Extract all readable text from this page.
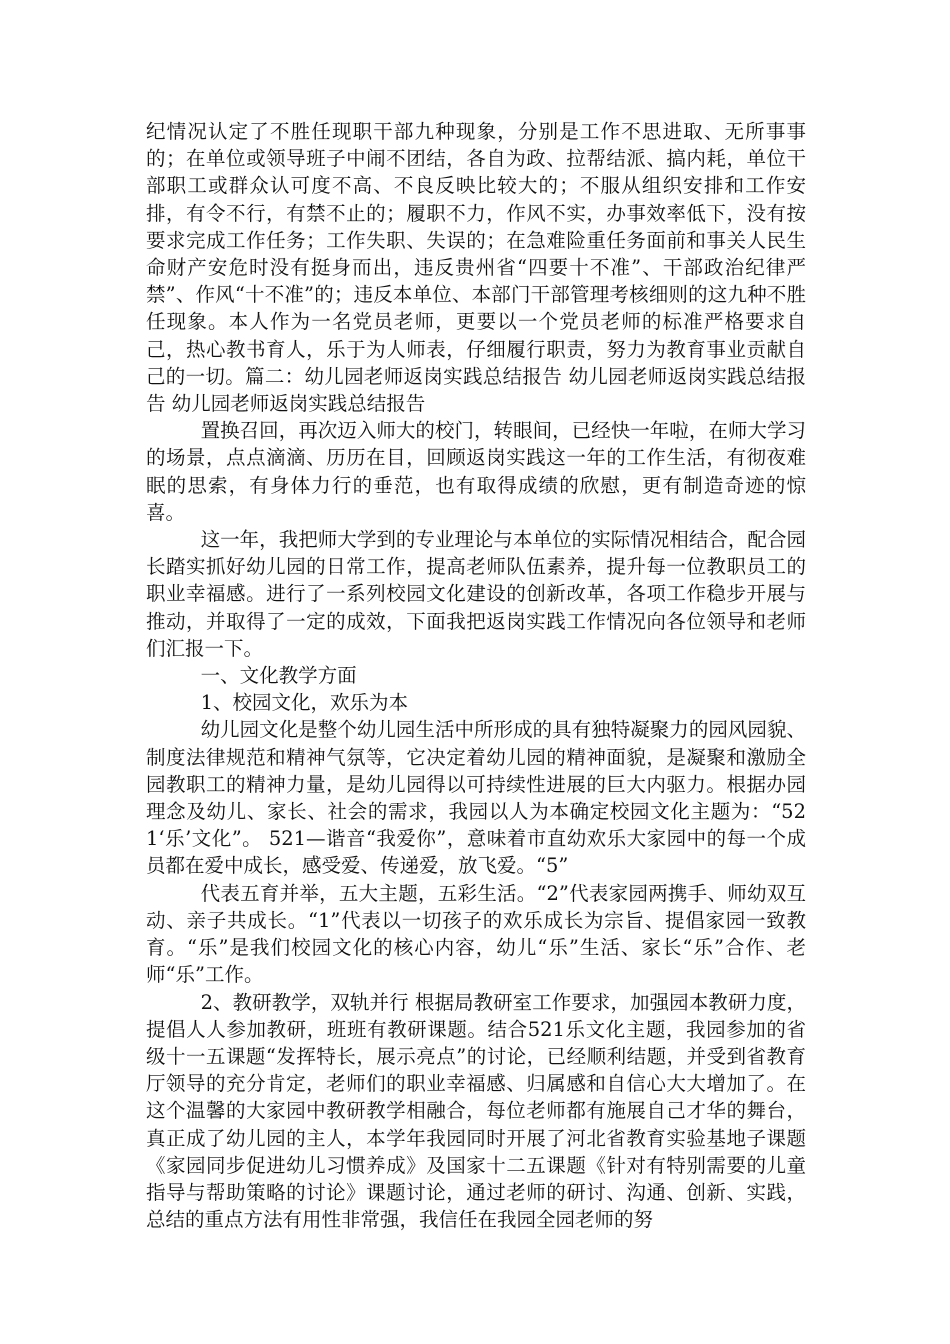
纪情况认定了不胜任现职干部九种现象，分别是工作不思进取、无所事事的；在单位或领导班子中闹不团结，各自为政、拉帮结派、搞内耗，单位干部职工或群众认可度不高、不良反映比较大的；不服从组织安排和工作安排，有令不行，有禁不止的；履职不力，作风不实，办事效率低下，没有按要求完成工作任务；工作失职、失误的；在急难险重任务面前和事关人民生命财产安危时没有挺身而出，违反贵州省“四要十不准”、干部政治纪律严禁”、作风“十不准”的；违反本单位、本部门干部管理考核细则的这九种不胜任现象。本人作为一名党员老师，更要以一个党员老师的标准严格要求自己，热心教书育人，乐于为人师表，仔细履行职责，努力为教育事业贡献自己的一切。篇二：幼儿园老师返岗实践总结报告 幼儿园老师返岗实践总结报告 幼儿园老师返岗实践总结报告

置换召回，再次迈入师大的校门，转眼间，已经快一年啦，在师大学习的场景，点点滴滴、历历在目，回顾返岗实践这一年的工作生活，有彻夜难眠的思索，有身体力行的垂范，也有取得成绩的欣慰，更有制造奇迹的惊喜。

这一年，我把师大学到的专业理论与本单位的实际情况相结合，配合园长踏实抓好幼儿园的日常工作，提高老师队伍素养，提升每一位教职员工的职业幸福感。进行了一系列校园文化建设的创新改革，各项工作稳步开展与推动，并取得了一定的成效，下面我把返岗实践工作情况向各位领导和老师们汇报一下。

一、文化教学方面

1、校园文化，欢乐为本

幼儿园文化是整个幼儿园生活中所形成的具有独特凝聚力的园风园貌、制度法律规范和精神气氛等，它决定着幼儿园的精神面貌，是凝聚和激励全园教职工的精神力量，是幼儿园得以可持续性进展的巨大内驱力。根据办园理念及幼儿、家长、社会的需求，我园以人为本确定校园文化主题为：“521‘乐’文化”。 521—谐音“我爱你”，意味着市直幼欢乐大家园中的每一个成员都在爱中成长，感受爱、传递爱，放飞爱。“5”

代表五育并举，五大主题，五彩生活。“2”代表家园两携手、师幼双互动、亲子共成长。“1”代表以一切孩子的欢乐成长为宗旨、提倡家园一致教育。“乐”是我们校园文化的核心内容，幼儿“乐”生活、家长“乐”合作、老师“乐”工作。

2、教研教学，双轨并行 根据局教研室工作要求，加强园本教研力度，提倡人人参加教研，班班有教研课题。结合521乐文化主题，我园参加的省级十一五课题“发挥特长，展示亮点”的讨论，已经顺利结题，并受到省教育厅领导的充分肯定，老师们的职业幸福感、归属感和自信心大大增加了。在这个温馨的大家园中教研教学相融合，每位老师都有施展自己才华的舞台，真正成了幼儿园的主人，本学年我园同时开展了河北省教育实验基地子课题《家园同步促进幼儿习惯养成》及国家十二五课题《针对有特别需要的儿童指导与帮助策略的讨论》课题讨论，通过老师的研讨、沟通、创新、实践，总结的重点方法有用性非常强，我信任在我园全园老师的努
